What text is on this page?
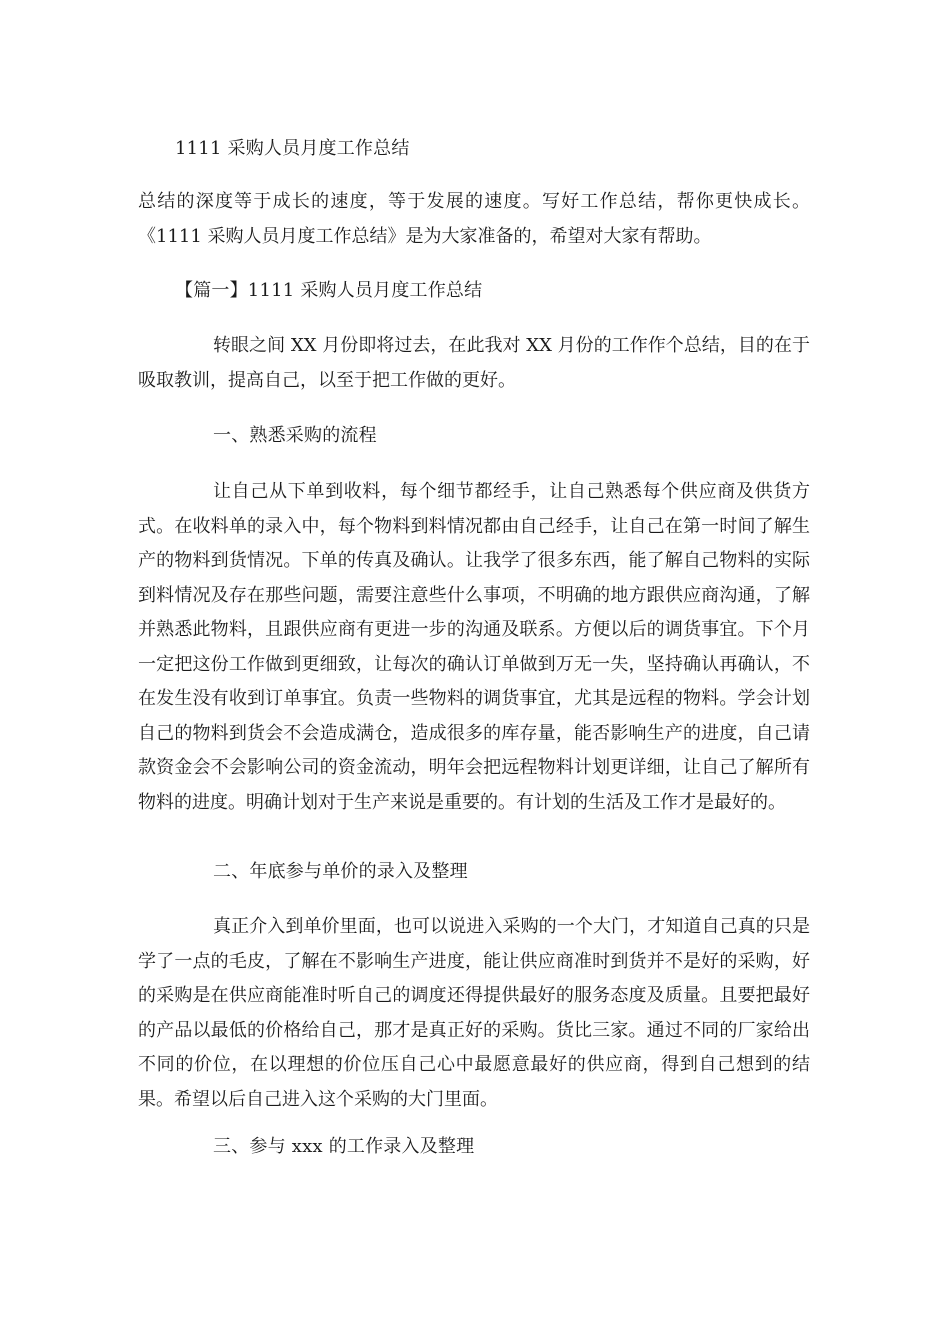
1111 采购人员月度工作总结
总结的深度等于成长的速度，等于发展的速度。写好工作总结，帮你更快成长。《1111 采购人员月度工作总结》是为大家准备的，希望对大家有帮助。
【篇一】1111 采购人员月度工作总结
转眼之间 XX 月份即将过去，在此我对 XX 月份的工作作个总结，目的在于吸取教训，提高自己，以至于把工作做的更好。
一、熟悉采购的流程
让自己从下单到收料，每个细节都经手，让自己熟悉每个供应商及供货方式。在收料单的录入中，每个物料到料情况都由自己经手，让自己在第一时间了解生产的物料到货情况。下单的传真及确认。让我学了很多东西，能了解自己物料的实际到料情况及存在那些问题，需要注意些什么事项，不明确的地方跟供应商沟通，了解并熟悉此物料，且跟供应商有更进一步的沟通及联系。方便以后的调货事宜。下个月一定把这份工作做到更细致，让每次的确认订单做到万无一失，坚持确认再确认，不在发生没有收到订单事宜。负责一些物料的调货事宜，尤其是远程的物料。学会计划自己的物料到货会不会造成满仓，造成很多的库存量，能否影响生产的进度，自己请款资金会不会影响公司的资金流动，明年会把远程物料计划更详细，让自己了解所有物料的进度。明确计划对于生产来说是重要的。有计划的生活及工作才是最好的。
二、年底参与单价的录入及整理
真正介入到单价里面，也可以说进入采购的一个大门，才知道自己真的只是学了一点的毛皮，了解在不影响生产进度，能让供应商准时到货并不是好的采购，好的采购是在供应商能准时听自己的调度还得提供最好的服务态度及质量。且要把最好的产品以最低的价格给自己，那才是真正好的采购。货比三家。通过不同的厂家给出不同的价位，在以理想的价位压自己心中最愿意最好的供应商，得到自己想到的结果。希望以后自己进入这个采购的大门里面。
三、参与 xxx 的工作录入及整理
